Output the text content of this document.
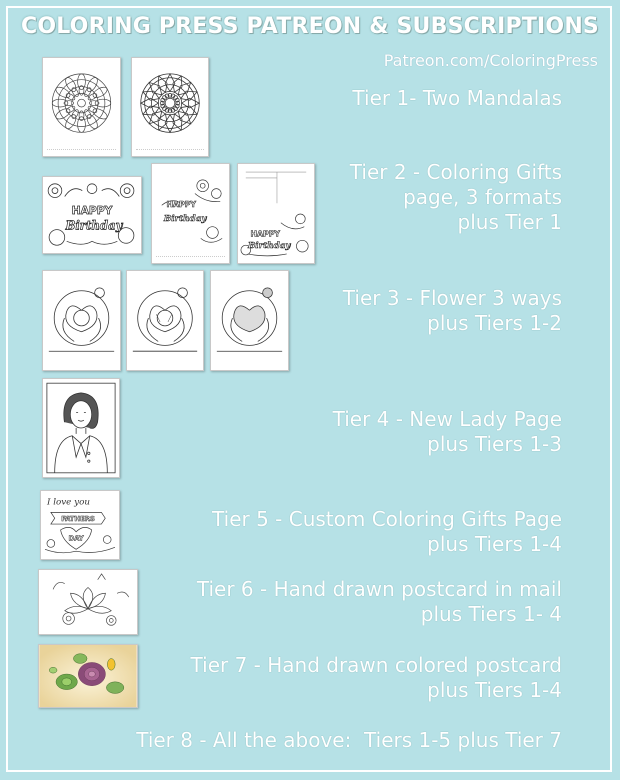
COLORING PRESS PATREON & SUBSCRIPTIONS
Patreon.com/ColoringPress
Tier 1- Two Mandalas
HAPPY
Birthday
HAPPY
Birthday
HAPPY
Birthday
Tier 2 - Coloring Gifts
page, 3 formats
plus Tier 1
Tier 3 - Flower 3 ways
plus Tiers 1-2
Tier 4 - New Lady Page
plus Tiers 1-3
I love you
FATHERS
DAY
Tier 5 - Custom Coloring Gifts Page
plus Tiers 1-4
Tier 6 - Hand drawn postcard in mail
plus Tiers 1- 4
Tier 7 - Hand drawn colored postcard
plus Tiers 1-4
Tier 8 - All the above:  Tiers 1-5 plus Tier 7
